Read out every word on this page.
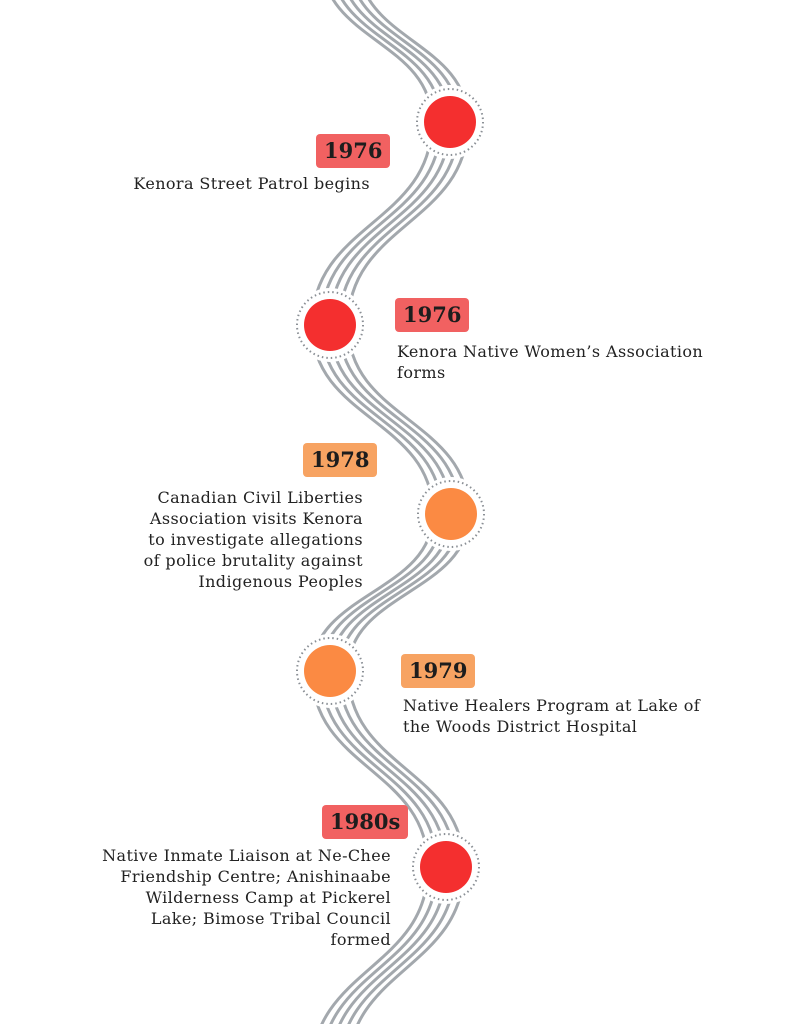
1976
Kenora Street Patrol begins
1976
Kenora Native Women’s Association forms
1978
Canadian Civil Liberties Association visits Kenora to investigate allegations of police brutality against Indigenous Peoples
1979
Native Healers Program at Lake of the Woods District Hospital
1980s
Native Inmate Liaison at Ne-Chee Friendship Centre; Anishinaabe Wilderness Camp at Pickerel Lake; Bimose Tribal Council formed
